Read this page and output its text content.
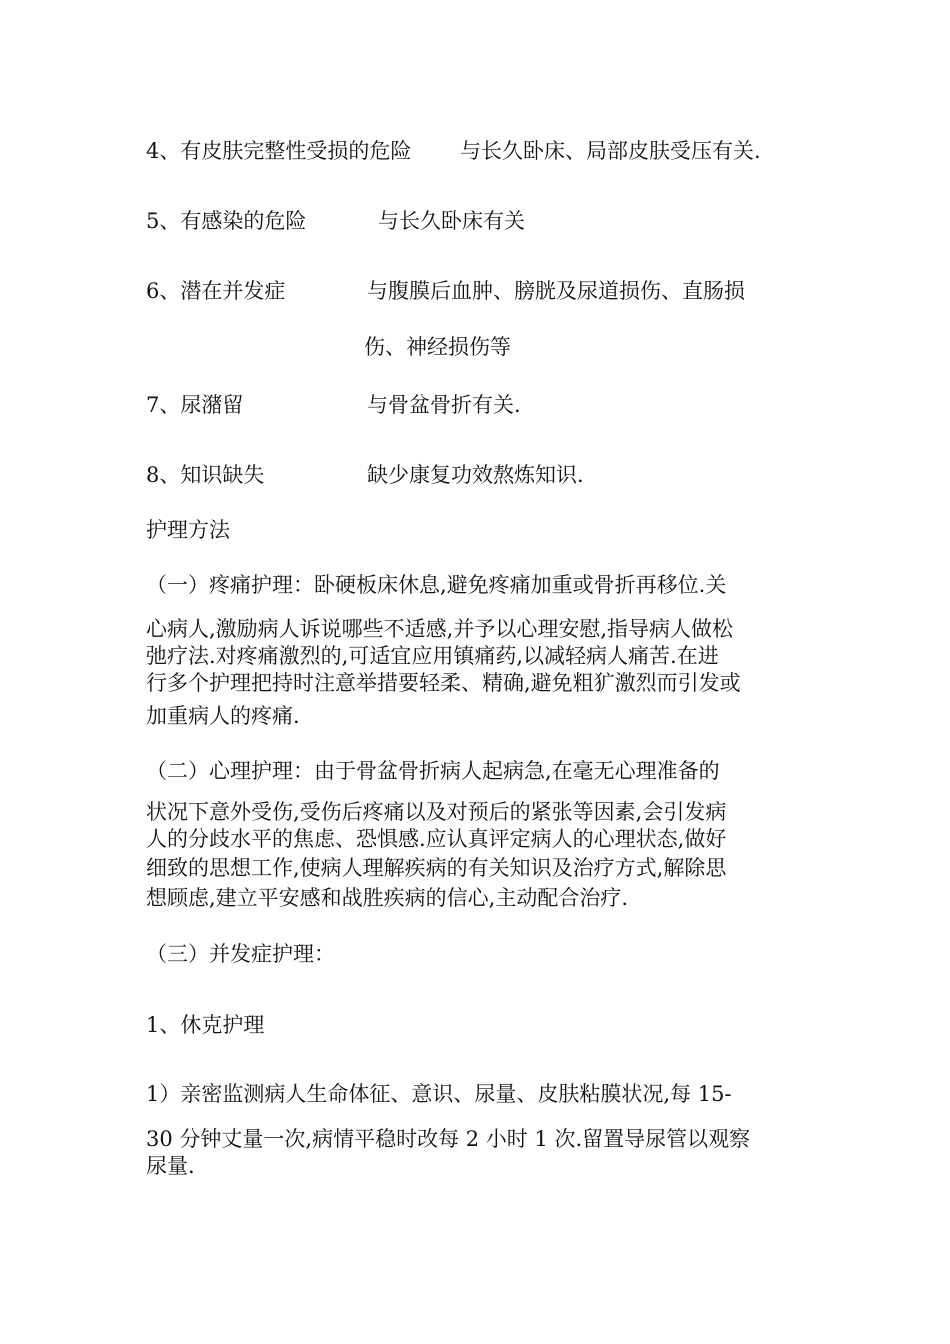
4、有皮肤完整性受损的危险 与长久卧床、局部皮肤受压有关.

5、有感染的危险	与长久卧床有关

6、潜在并发症	与腹膜后血肿、膀胱及尿道损伤、直肠损

伤、神经损伤等

7、尿潴留	与骨盆骨折有关.

8、知识缺失	缺少康复功效熬炼知识.

护理方法

（一）疼痛护理：卧硬板床休息,避免疼痛加重或骨折再移位.关

心病人,激励病人诉说哪些不适感,并予以心理安慰,指导病人做松

弛疗法.对疼痛激烈的,可适宜应用镇痛药,以减轻病人痛苦.在进

行多个护理把持时注意举措要轻柔、精确,避免粗犷激烈而引发或

加重病人的疼痛.

（二）心理护理：由于骨盆骨折病人起病急,在毫无心理准备的

状况下意外受伤,受伤后疼痛以及对预后的紧张等因素,会引发病

人的分歧水平的焦虑、恐惧感.应认真评定病人的心理状态,做好

细致的思想工作,使病人理解疾病的有关知识及治疗方式,解除思

想顾虑,建立平安感和战胜疾病的信心,主动配合治疗.

（三）并发症护理：

1、休克护理

1）亲密监测病人生命体征、意识、尿量、皮肤粘膜状况,每 15-

30 分钟丈量一次,病情平稳时改每 2 小时 1 次.留置导尿管以观察

尿量.
